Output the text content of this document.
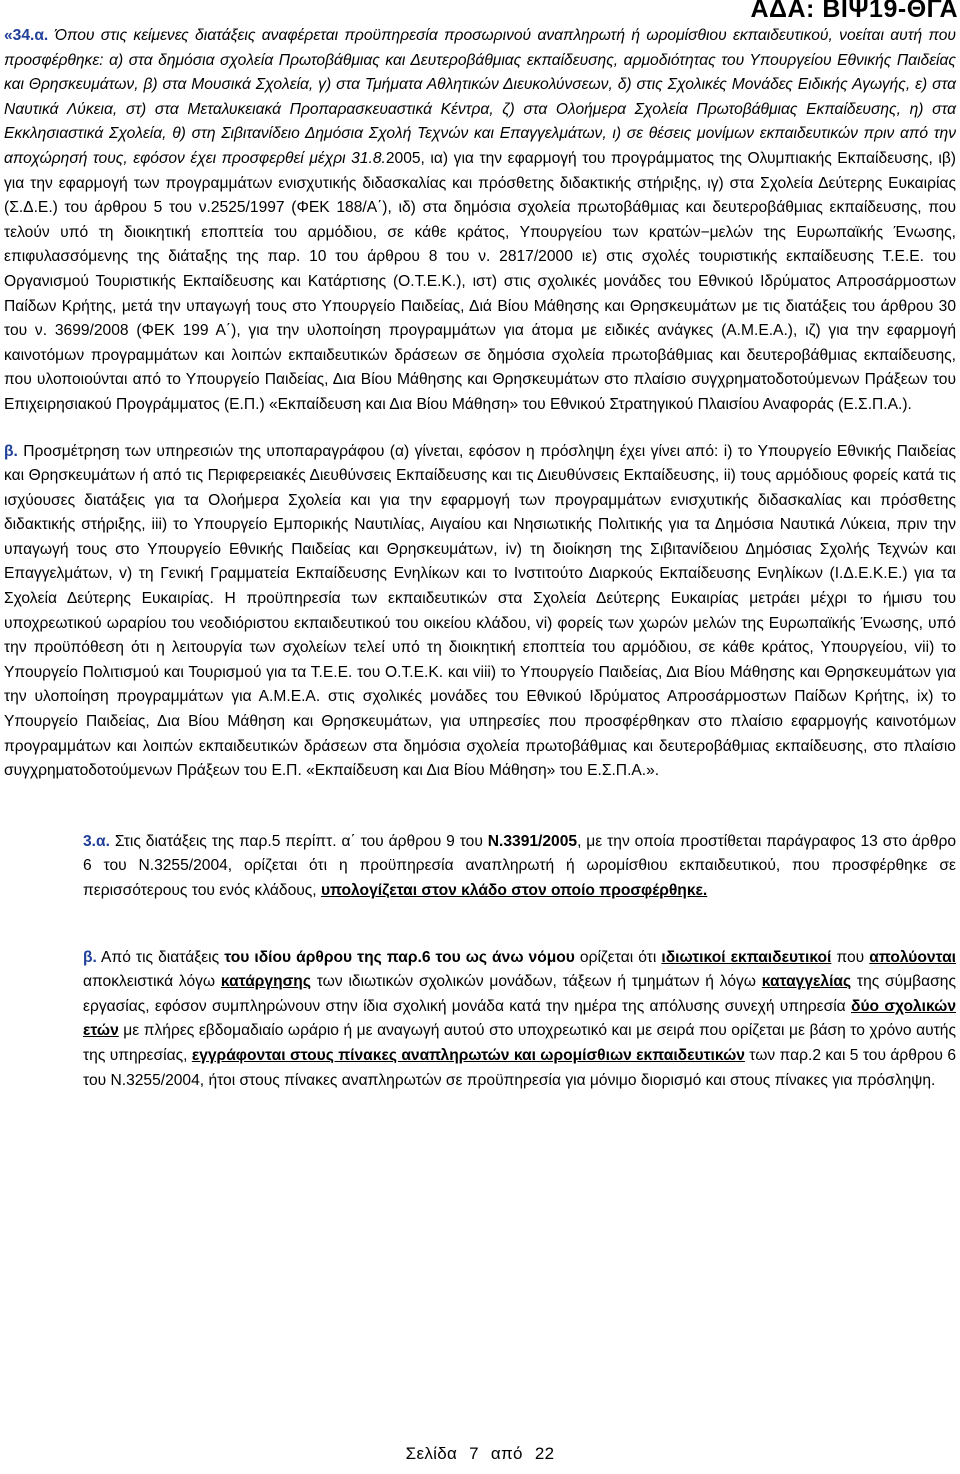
ΑΔΑ: ΒΙΨ19-ΘΓΑ

«34.α. Όπου στις κείμενες διατάξεις αναφέρεται προϋπηρεσία προσωρινού αναπληρωτή ή ωρομίσθιου εκπαιδευτικού, νοείται αυτή που προσφέρθηκε: α) στα δημόσια σχολεία Πρωτοβάθμιας και Δευτεροβάθμιας εκπαίδευσης, αρμοδιότητας του Υπουργείου Εθνικής Παιδείας και Θρησκευμάτων, β) στα Μουσικά Σχολεία, γ) στα Τμήματα Αθλητικών Διευκολύνσεων, δ) στις Σχολικές Μονάδες Ειδικής Αγωγής, ε) στα Ναυτικά Λύκεια, στ) στα Μεταλυκειακά Προπαρασκευαστικά Κέντρα, ζ) στα Ολοήμερα Σχολεία Πρωτοβάθμιας Εκπαίδευσης, η) στα Εκκλησιαστικά Σχολεία, θ) στη Σιβιτανίδειο Δημόσια Σχολή Τεχνών και Επαγγελμάτων, ι) σε θέσεις μονίμων εκπαιδευτικών πριν από την αποχώρησή τους, εφόσον έχει προσφερθεί μέχρι 31.8.2005, ια) για την εφαρμογή του προγράμματος της Ολυμπιακής Εκπαίδευσης, ιβ) για την εφαρμογή των προγραμμάτων ενισχυτικής διδασκαλίας και πρόσθετης διδακτικής στήριξης, ιγ) στα Σχολεία Δεύτερης Ευκαιρίας (Σ.Δ.Ε.) του άρθρου 5 του ν.2525/1997 (ΦΕΚ 188/Α΄), ιδ) στα δημόσια σχολεία πρωτοβάθμιας και δευτεροβάθμιας εκπαίδευσης, που τελούν υπό τη διοικητική εποπτεία του αρμόδιου, σε κάθε κράτος, Υπουργείου των κρατών−μελών της Ευρωπαϊκής Ένωσης, επιφυλασσόμενης της διάταξης της παρ. 10 του άρθρου 8 του ν. 2817/2000 ιε) στις σχολές τουριστικής εκπαίδευσης Τ.Ε.Ε. του Οργανισμού Τουριστικής Εκπαίδευσης και Κατάρτισης (Ο.Τ.Ε.Κ.), ιστ) στις σχολικές μονάδες του Εθνικού Ιδρύματος Απροσάρμοστων Παίδων Κρήτης, μετά την υπαγωγή τους στο Υπουργείο Παιδείας, Διά Βίου Μάθησης και Θρησκευμάτων με τις διατάξεις του άρθρου 30 του ν. 3699/2008 (ΦΕΚ 199 Α΄), για την υλοποίηση προγραμμάτων για άτομα με ειδικές ανάγκες (Α.Μ.Ε.Α.), ιζ) για την εφαρμογή καινοτόμων προγραμμάτων και λοιπών εκπαιδευτικών δράσεων σε δημόσια σχολεία πρωτοβάθμιας και δευτεροβάθμιας εκπαίδευσης, που υλοποιούνται από το Υπουργείο Παιδείας, Δια Βίου Μάθησης και Θρησκευμάτων στο πλαίσιο συγχρηματοδοτούμενων Πράξεων του Επιχειρησιακού Προγράμματος (Ε.Π.) «Εκπαίδευση και Δια Βίου Μάθηση» του Εθνικού Στρατηγικού Πλαισίου Αναφοράς (Ε.Σ.Π.Α.).

β. Προσμέτρηση των υπηρεσιών της υποπαραγράφου (α) γίνεται, εφόσον η πρόσληψη έχει γίνει από: i) το Υπουργείο Εθνικής Παιδείας και Θρησκευμάτων ή από τις Περιφερειακές Διευθύνσεις Εκπαίδευσης και τις Διευθύνσεις Εκπαίδευσης, ii) τους αρμόδιους φορείς κατά τις ισχύουσες διατάξεις για τα Ολοήμερα Σχολεία και για την εφαρμογή των προγραμμάτων ενισχυτικής διδασκαλίας και πρόσθετης διδακτικής στήριξης, iii) το Υπουργείο Εμπορικής Ναυτιλίας, Αιγαίου και Νησιωτικής Πολιτικής για τα Δημόσια Ναυτικά Λύκεια, πριν την υπαγωγή τους στο Υπουργείο Εθνικής Παιδείας και Θρησκευμάτων, iv) τη διοίκηση της Σιβιτανίδειου Δημόσιας Σχολής Τεχνών και Επαγγελμάτων, v) τη Γενική Γραμματεία Εκπαίδευσης Ενηλίκων και το Ινστιτούτο Διαρκούς Εκπαίδευσης Ενηλίκων (Ι.Δ.Ε.Κ.Ε.) για τα Σχολεία Δεύτερης Ευκαιρίας. Η προϋπηρεσία των εκπαιδευτικών στα Σχολεία Δεύτερης Ευκαιρίας μετράει μέχρι το ήμισυ του υποχρεωτικού ωραρίου του νεοδιόριστου εκπαιδευτικού του οικείου κλάδου, vi) φορείς των χωρών μελών της Ευρωπαϊκής Ένωσης, υπό την προϋπόθεση ότι η λειτουργία των σχολείων τελεί υπό τη διοικητική εποπτεία του αρμόδιου, σε κάθε κράτος, Υπουργείου, vii) το Υπουργείο Πολιτισμού και Τουρισμού για τα Τ.Ε.Ε. του Ο.Τ.Ε.Κ. και viii) το Υπουργείο Παιδείας, Δια Βίου Μάθησης και Θρησκευμάτων για την υλοποίηση προγραμμάτων για Α.Μ.Ε.Α. στις σχολικές μονάδες του Εθνικού Ιδρύματος Απροσάρμοστων Παίδων Κρήτης, ix) το Υπουργείο Παιδείας, Δια Βίου Μάθηση και Θρησκευμάτων, για υπηρεσίες που προσφέρθηκαν στο πλαίσιο εφαρμογής καινοτόμων προγραμμάτων και λοιπών εκπαιδευτικών δράσεων στα δημόσια σχολεία πρωτοβάθμιας και δευτεροβάθμιας εκπαίδευσης, στο πλαίσιο συγχρηματοδοτούμενων Πράξεων του Ε.Π. «Εκπαίδευση και Δια Βίου Μάθηση» του Ε.Σ.Π.Α.».

3.α. Στις διατάξεις της παρ.5 περίπτ. α΄ του άρθρου 9 του Ν.3391/2005, με την οποία προστίθεται παράγραφος 13 στο άρθρο 6 του Ν.3255/2004, ορίζεται ότι η προϋπηρεσία αναπληρωτή ή ωρομίσθιου εκπαιδευτικού, που προσφέρθηκε σε περισσότερους του ενός κλάδους, υπολογίζεται στον κλάδο στον οποίο προσφέρθηκε.

β. Από τις διατάξεις του ιδίου άρθρου της παρ.6 του ως άνω νόμου ορίζεται ότι ιδιωτικοί εκπαιδευτικοί που απολύονται αποκλειστικά λόγω κατάργησης των ιδιωτικών σχολικών μονάδων, τάξεων ή τμημάτων ή λόγω καταγγελίας της σύμβασης εργασίας, εφόσον συμπληρώνουν στην ίδια σχολική μονάδα κατά την ημέρα της απόλυσης συνεχή υπηρεσία δύο σχολικών ετών με πλήρες εβδομαδιαίο ωράριο ή με αναγωγή αυτού στο υποχρεωτικό και με σειρά που ορίζεται με βάση το χρόνο αυτής της υπηρεσίας, εγγράφονται στους πίνακες αναπληρωτών και ωρομίσθιων εκπαιδευτικών των παρ.2 και 5 του άρθρου 6 του Ν.3255/2004, ήτοι στους πίνακες αναπληρωτών σε προϋπηρεσία για μόνιμο διορισμό και στους πίνακες για πρόσληψη.

Σελίδα 7 από 22
